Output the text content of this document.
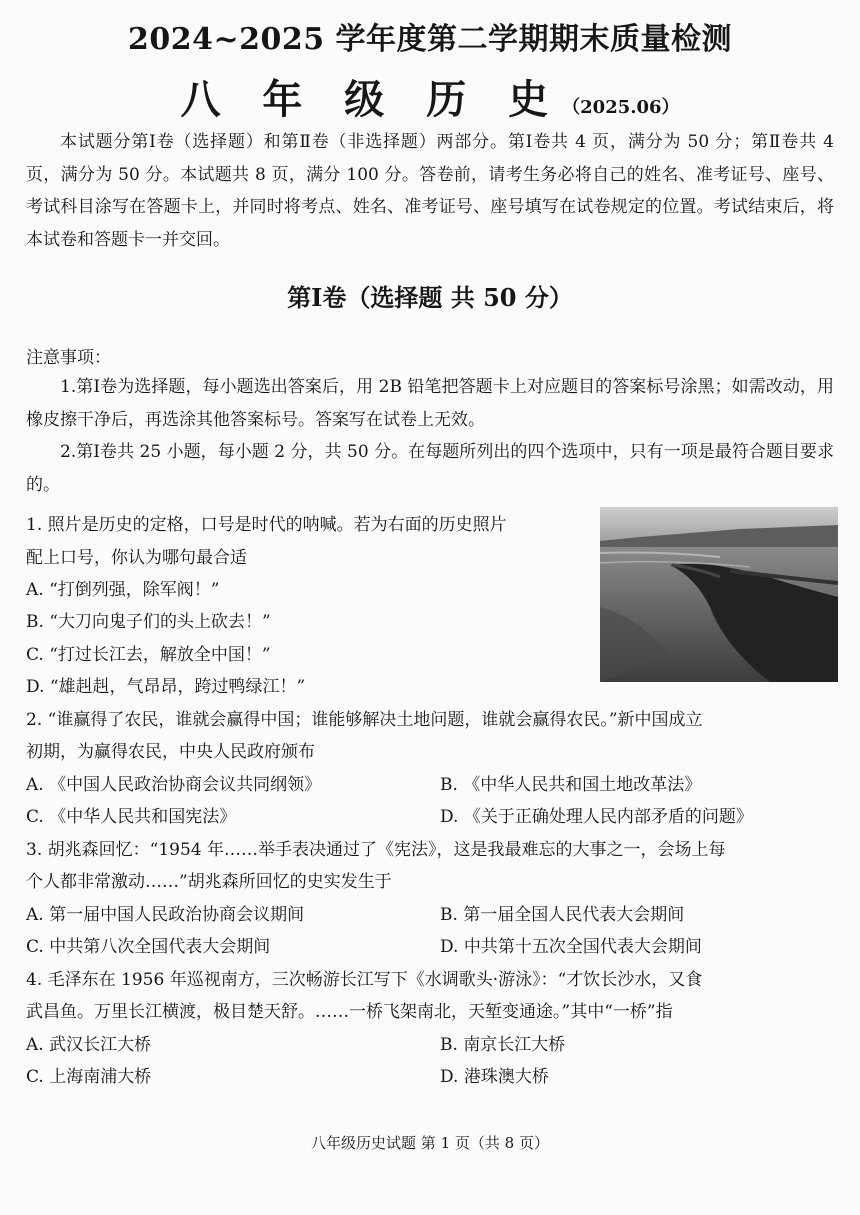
2024~2025 学年度第二学期期末质量检测
八 年 级 历 史（2025.06）

本试题分第Ⅰ卷（选择题）和第Ⅱ卷（非选择题）两部分。第Ⅰ卷共 4 页，满分为 50 分；第Ⅱ卷共 4 页，满分为 50 分。本试题共 8 页，满分 100 分。答卷前，请考生务必将自己的姓名、准考证号、座号、考试科目涂写在答题卡上，并同时将考点、姓名、准考证号、座号填写在试卷规定的位置。考试结束后，将本试卷和答题卡一并交回。

第Ⅰ卷（选择题 共 50 分）
注意事项：

1.第Ⅰ卷为选择题，每小题选出答案后，用 2B 铅笔把答题卡上对应题目的答案标号涂黑；如需改动，用橡皮擦干净后，再选涂其他答案标号。答案写在试卷上无效。

2.第Ⅰ卷共 25 小题，每小题 2 分，共 50 分。在每题所列出的四个选项中，只有一项是最符合题目要求的。

1. 照片是历史的定格，口号是时代的呐喊。若为右面的历史照片
配上口号，你认为哪句最合适
A. “打倒列强，除军阀！”
B. “大刀向鬼子们的头上砍去！”
C. “打过长江去，解放全中国！”
D. “雄赳赳，气昂昂，跨过鸭绿江！”
2. “谁赢得了农民，谁就会赢得中国；谁能够解决土地问题，谁就会赢得农民。”新中国成立
初期，为赢得农民，中央人民政府颁布
A. 《中国人民政治协商会议共同纲领》	B. 《中华人民共和国土地改革法》
C. 《中华人民共和国宪法》	D. 《关于正确处理人民内部矛盾的问题》
3. 胡兆森回忆：“1954 年……举手表决通过了《宪法》，这是我最难忘的大事之一，会场上每
个人都非常激动……”胡兆森所回忆的史实发生于
A. 第一届中国人民政治协商会议期间	B. 第一届全国人民代表大会期间
C. 中共第八次全国代表大会期间	D. 中共第十五次全国代表大会期间
4. 毛泽东在 1956 年巡视南方，三次畅游长江写下《水调歌头·游泳》：“才饮长沙水，又食
武昌鱼。万里长江横渡，极目楚天舒。……一桥飞架南北，天堑变通途。”其中“一桥”指
A. 武汉长江大桥	B. 南京长江大桥
C. 上海南浦大桥	D. 港珠澳大桥
八年级历史试题 第 1 页（共 8 页）
